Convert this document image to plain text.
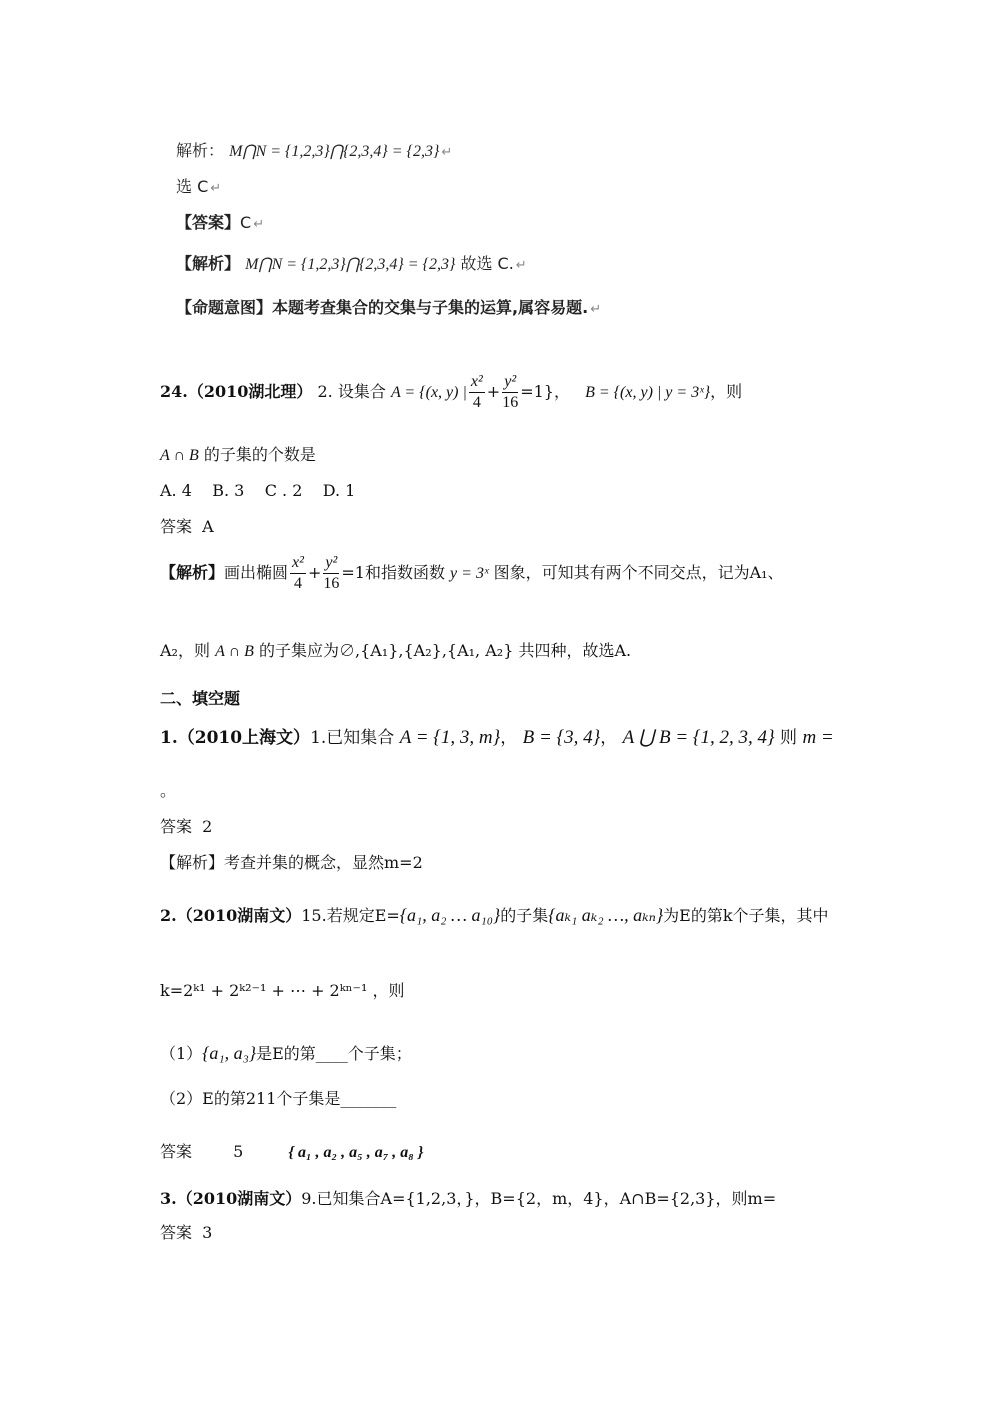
解析： M⋂N = {1,2,3}⋂{2,3,4} = {2,3} ↵
选 C ↵
【答案】C ↵
【解析】 M⋂N = {1,2,3}⋂{2,3,4} = {2,3} 故选 C. ↵
【命题意图】本题考查集合的交集与子集的运算,属容易题. ↵
24.（2010湖北理） 2. 设集合 A = {(x, y) | $\frac{\text{x²}}{4} + \frac{\text{y²}}{16} =1$}， B = {(x, y) | y = 3ˣ}，则
A ∩ B 的子集的个数是
A. 4    B. 3    C . 2    D. 1
答案  A
【解析】画出椭圆 $\frac{\text{x²}}{4} + \frac{\text{y²}}{16} =1$和指数函数 y = 3ˣ 图象，可知其有两个不同交点，记为A₁、
A₂，则 A ∩ B 的子集应为∅,{A₁},{A₂},{A₁, A₂} 共四种，故选A.
二、填空题
1.（2010上海文）1.已知集合 A = {1, 3, m}， B = {3, 4}， A ⋃ B = {1, 2, 3, 4} 则 m =
。
答案  2
【解析】考查并集的概念，显然m=2
2.（2010湖南文）15.若规定E={a₁, a₂ … a₁₀}的子集{aₖ₁ aₖ₂ …, aₖₙ}为E的第k个子集，其中
k=2ᵏ¹ + 2ᵏ²⁻¹ + ⋯ + 2ᵏⁿ⁻¹ ，则
（1）{a₁, a₃}是E的第____个子集；
（2）E的第211个子集是_______
答案	5	{ a₁ , a₂ , a₅ , a₇ , a₈ }
3.（2010湖南文）9.已知集合A={1,2,3，}，B={2，m，4}，A∩B={2,3}，则m=
答案  3
